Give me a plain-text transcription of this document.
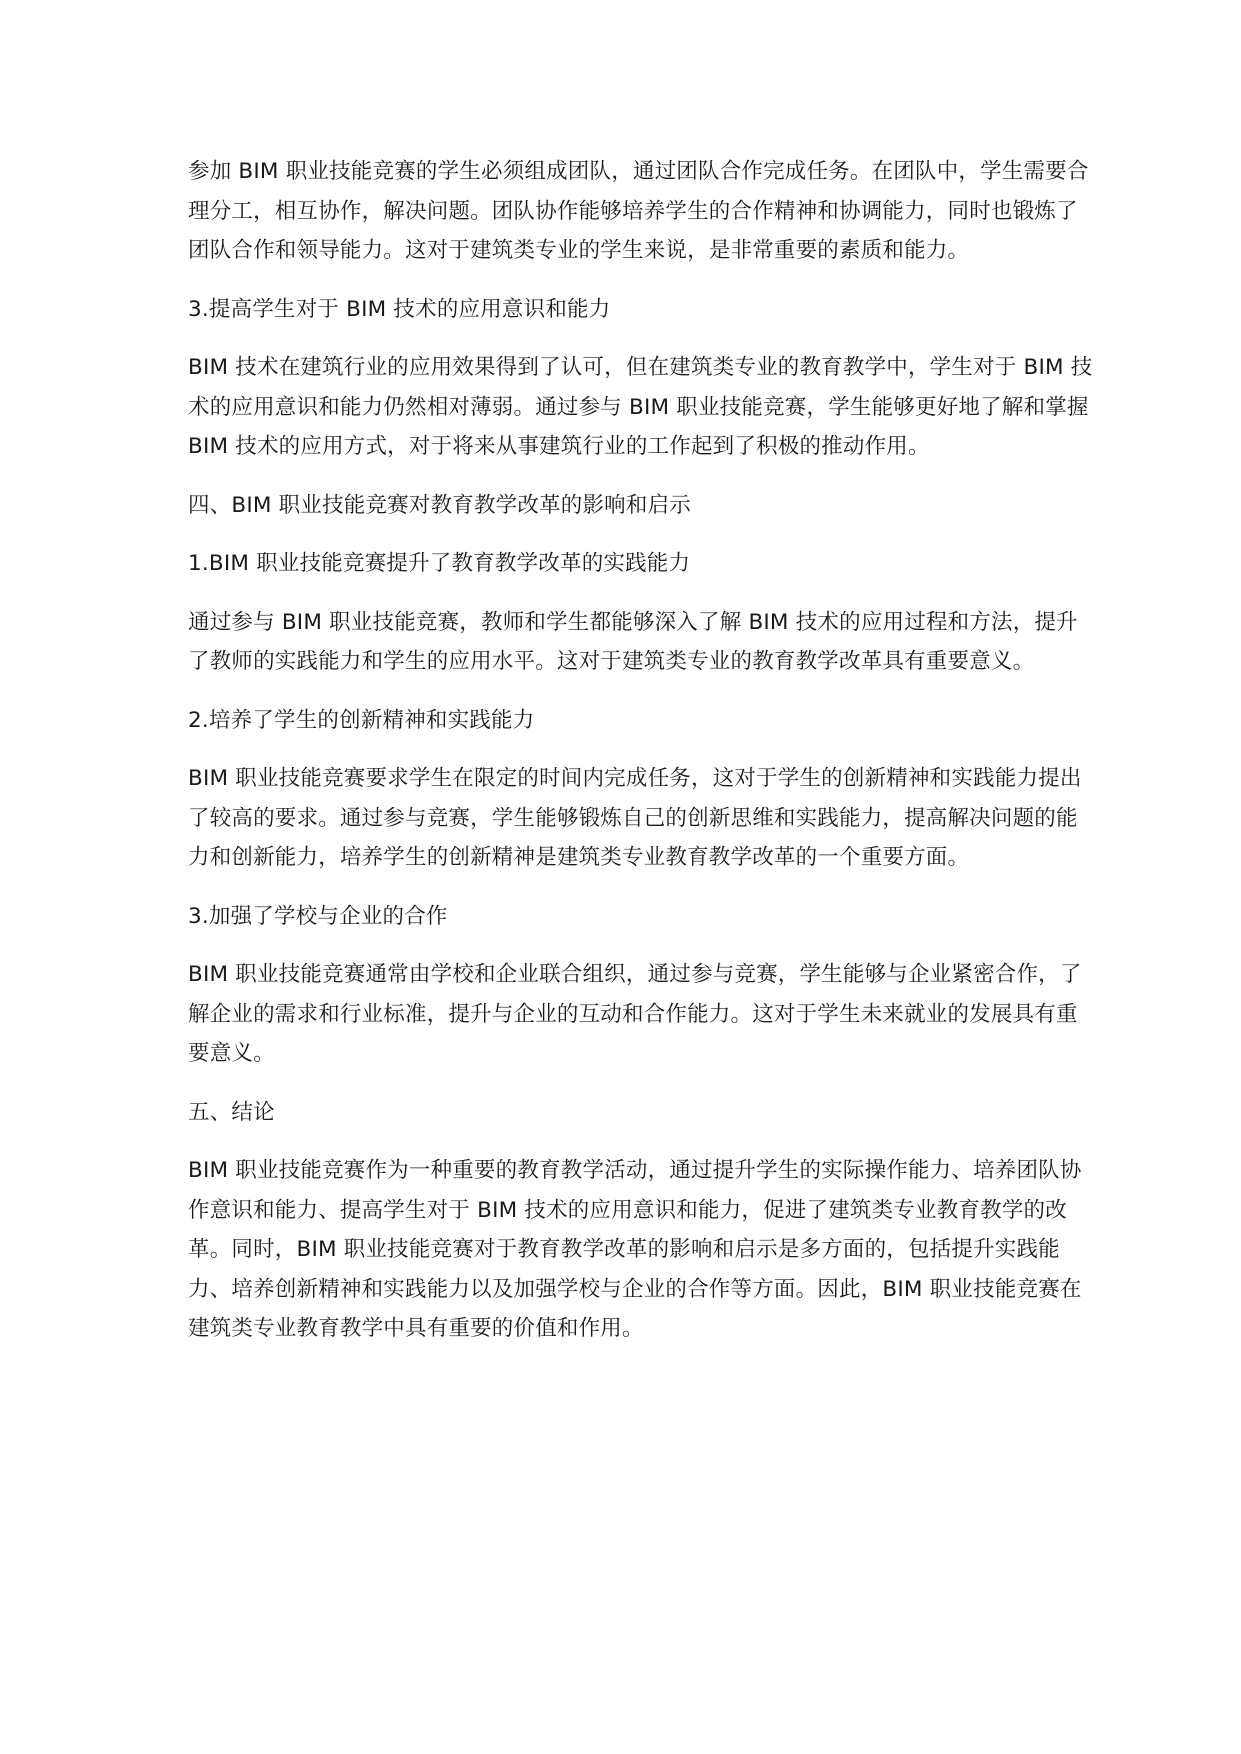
参加 BIM 职业技能竞赛的学生必须组成团队，通过团队合作完成任务。在团队中，学生需要合理分工，相互协作，解决问题。团队协作能够培养学生的合作精神和协调能力，同时也锻炼了团队合作和领导能力。这对于建筑类专业的学生来说，是非常重要的素质和能力。

3.提高学生对于 BIM 技术的应用意识和能力

BIM 技术在建筑行业的应用效果得到了认可，但在建筑类专业的教育教学中，学生对于 BIM 技术的应用意识和能力仍然相对薄弱。通过参与 BIM 职业技能竞赛，学生能够更好地了解和掌握 BIM 技术的应用方式，对于将来从事建筑行业的工作起到了积极的推动作用。

四、BIM 职业技能竞赛对教育教学改革的影响和启示

1.BIM 职业技能竞赛提升了教育教学改革的实践能力

通过参与 BIM 职业技能竞赛，教师和学生都能够深入了解 BIM 技术的应用过程和方法，提升了教师的实践能力和学生的应用水平。这对于建筑类专业的教育教学改革具有重要意义。

2.培养了学生的创新精神和实践能力

BIM 职业技能竞赛要求学生在限定的时间内完成任务，这对于学生的创新精神和实践能力提出了较高的要求。通过参与竞赛，学生能够锻炼自己的创新思维和实践能力，提高解决问题的能力和创新能力，培养学生的创新精神是建筑类专业教育教学改革的一个重要方面。

3.加强了学校与企业的合作

BIM 职业技能竞赛通常由学校和企业联合组织，通过参与竞赛，学生能够与企业紧密合作，了解企业的需求和行业标准，提升与企业的互动和合作能力。这对于学生未来就业的发展具有重要意义。

五、结论

BIM 职业技能竞赛作为一种重要的教育教学活动，通过提升学生的实际操作能力、培养团队协作意识和能力、提高学生对于 BIM 技术的应用意识和能力，促进了建筑类专业教育教学的改革。同时，BIM 职业技能竞赛对于教育教学改革的影响和启示是多方面的，包括提升实践能力、培养创新精神和实践能力以及加强学校与企业的合作等方面。因此，BIM 职业技能竞赛在建筑类专业教育教学中具有重要的价值和作用。
